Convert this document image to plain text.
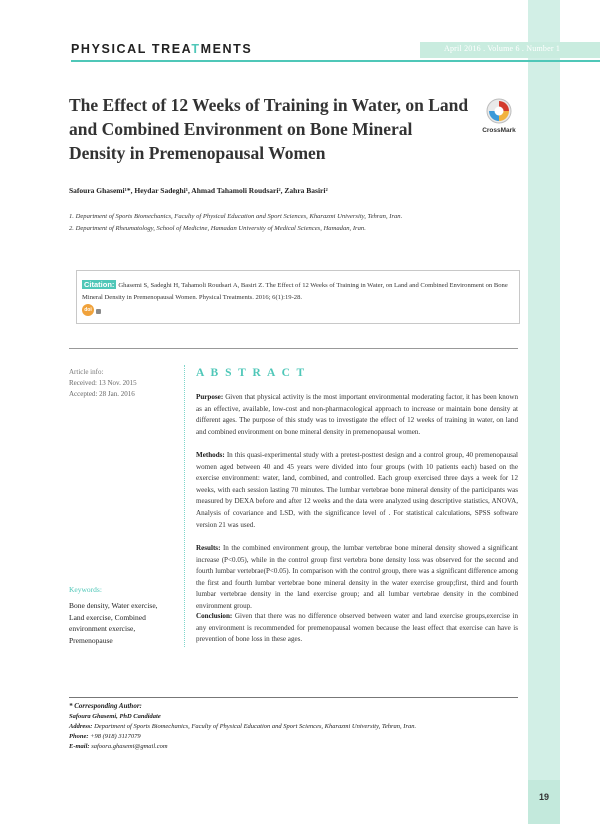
19
PHYSICAL TREATMENTS	April 2016 . Volume 6 . Number 1
The Effect of 12 Weeks of Training in Water, on Land and Combined Environment on Bone Mineral Density in Premenopausal Women
CrossMark
Safoura Ghasemi¹*, Heydar Sadeghi¹, Ahmad Tahamoli Roudsari², Zahra Basiri²
1. Department of Sports Biomechanics, Faculty of Physical Education and Sport Sciences, Kharazmi University, Tehran, Iran.
2. Department of Rheumatology, School of Medicine, Hamadan University of Medical Sciences, Hamadan, Iran.
Citation: Ghasemi S, Sadeghi H, Tahamoli Roudsari A, Basiri Z. The Effect of 12 Weeks of Training in Water, on Land and Combined Environment on Bone Mineral Density in Premenopausal Women. Physical Treatments. 2016; 6(1):19-28.
doi
Article info:
Received: 13 Nov. 2015
Accepted: 28 Jan. 2016
Keywords:
Bone density, Water exercise, Land exercise, Combined environment exercise, Premenopause
A B S T R A C T
Purpose: Given that physical activity is the most important environmental moderating factor, it has been known as an effective, available, low-cost and non-pharmacological approach to increase or maintain bone density at different ages. The purpose of this study was to investigate the effect of 12 weeks of training in water, on land and combined environment on bone mineral density in premenopausal women.
Methods: In this quasi-experimental study with a pretest-posttest design and a control group, 40 premenopausal women aged between 40 and 45 years were divided into four groups (with 10 patients each) based on the exercise environment: water, land, combined, and controlled. Each group exercised three days a week for 12 weeks, with each session lasting 70 minutes. The lumbar vertebrae bone mineral density of the participants was measured by DEXA before and after 12 weeks and the data were analyzed using descriptive statistics, ANOVA, Analysis of covariance and LSD, with the significance level of . For statistical calculations, SPSS software version 21 was used.
Results: In the combined environment group, the lumbar vertebrae bone mineral density showed a significant increase (P<0.05), while in the control group first vertebra bone density loss was observed for the second and fourth lumbar vertebrae(P<0.05). In comparison with the control group, there was a significant difference among the first and fourth lumbar vertebrae bone mineral density in the water exercise group;first, third and fourth lumbar vertebrae density in the land exercise group; and all lumbar vertebrae density in the combined environment group.
Conclusion: Given that there was no difference observed between water and land exercise groups,exercise in any environment is recommended for premenopausal women because the least effect that exercise can have is prevention of bone loss in these ages.
* Corresponding Author:
Safoura Ghasemi, PhD Candidate
Address: Department of Sports Biomechanics, Faculty of Physical Education and Sport Sciences, Kharazmi University, Tehran, Iran.
Phone: +98 (918) 3117079
E-mail: safoora.ghasemi@gmail.com
